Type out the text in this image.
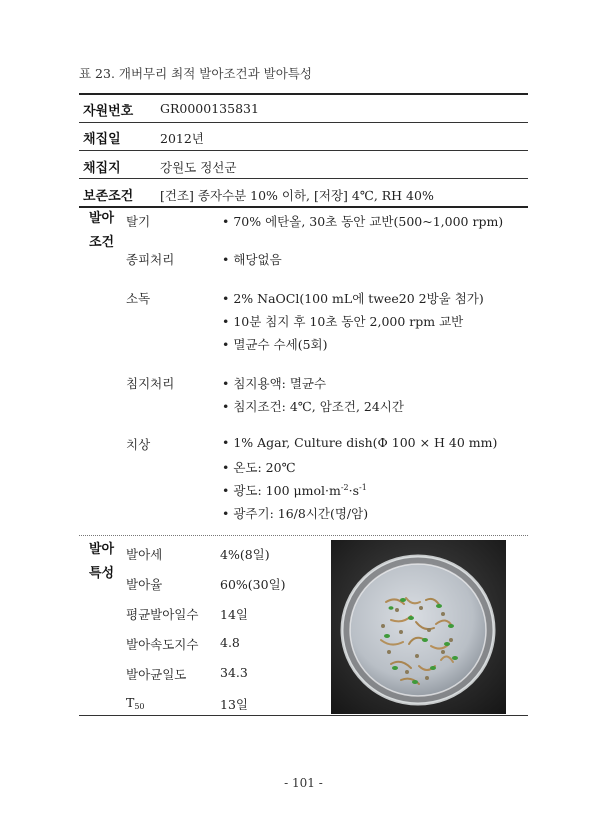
표 23. 개버무리 최적 발아조건과 발아특성
자원번호 GR0000135831
채집일	2012년
채집지	강원도 정선군
보존조건 [건조] 종자수분 10% 이하, [저장] 4℃, RH 40%
발아
조건
탈기	• 70% 에탄올, 30초 동안 교반(500~1,000 rpm)
종피처리	• 해당없음
소독	• 2% NaOCl(100 mL에 twee20 2방울 첨가)
• 10분 침지 후 10초 동안 2,000 rpm 교반
• 멸균수 수세(5회)
침지처리	• 침지용액: 멸균수
• 침지조건: 4℃, 암조건, 24시간
치상	• 1% Agar, Culture dish(Φ 100 × H 40 mm)
• 온도: 20℃
• 광도: 100 $\mu mol\cdot m^{-2}\cdot s^{-1}$
• 광주기: 16/8시간(명/암)
발아
특성
발아세	4%(8일)
발아율	60%(30일)
평균발아일수 14일
발아속도지수 4.8
발아균일도	34.3
T50	13일
- 101 -
